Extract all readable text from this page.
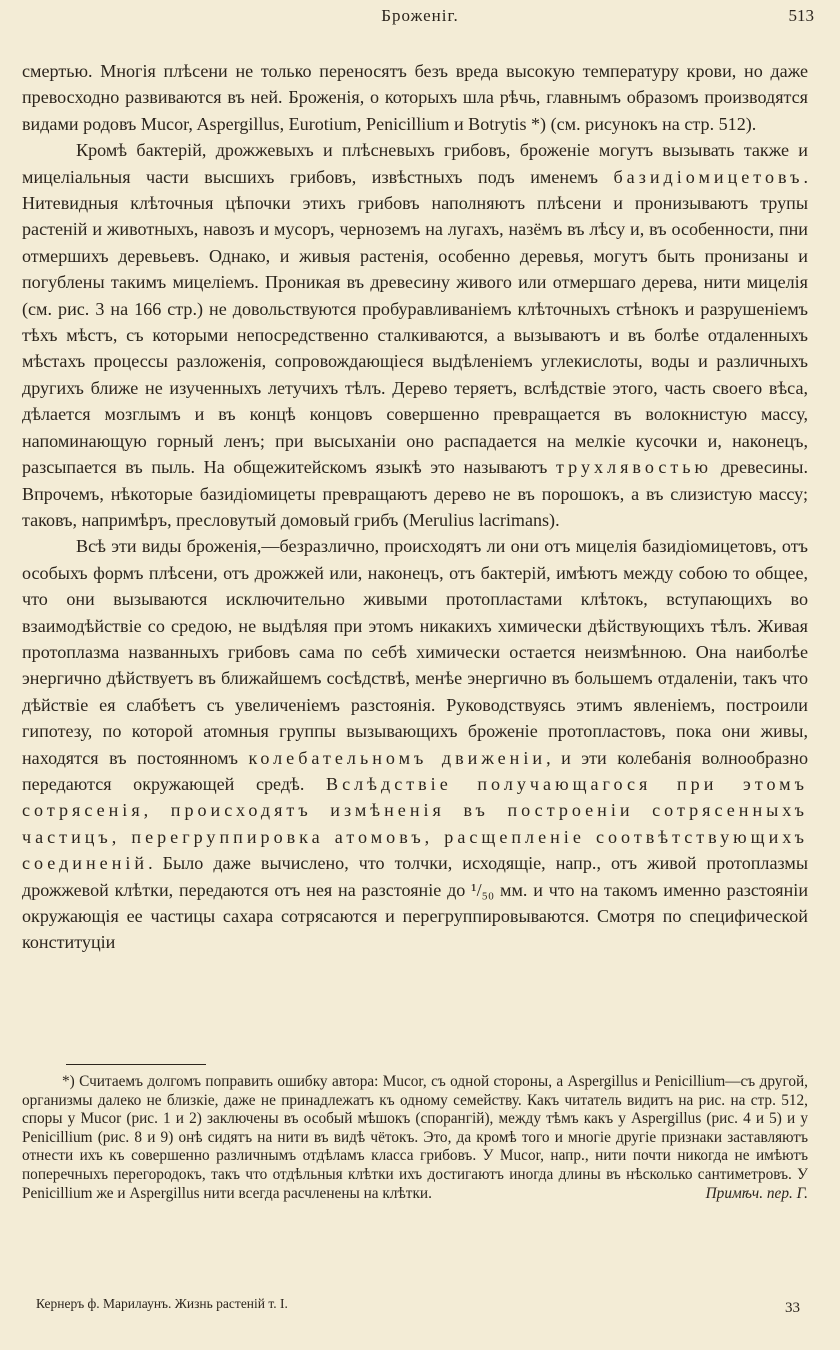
Броженіг.	513

смертью. Многія плѣсени не только переносятъ безъ вреда высокую температуру крови, но даже превосходно развиваются въ ней. Броженія, о которыхъ шла рѣчь, главнымъ образомъ производятся видами родовъ Mucor, Aspergillus, Eurotium, Penicillium и Botrytis *) (см. рисунокъ на стр. 512).

Кромѣ бактерій, дрожжевыхъ и плѣсневыхъ грибовъ, броженіе могутъ вызывать также и мицеліальныя части высшихъ грибовъ, извѣстныхъ подъ именемъ базидіомицетовъ. Нитевидныя клѣточныя цѣпочки этихъ грибовъ наполняютъ плѣсени и пронизываютъ трупы растеній и животныхъ, навозъ и мусоръ, черноземъ на лугахъ, назёмъ въ лѣсу и, въ особенности, пни отмершихъ деревьевъ. Однако, и живыя растенія, особенно деревья, могутъ быть пронизаны и погублены такимъ мицеліемъ. Проникая въ древесину живого или отмершаго дерева, нити мицелія (см. рис. 3 на 166 стр.) не довольствуются пробуравливаніемъ клѣточныхъ стѣнокъ и разрушеніемъ тѣхъ мѣстъ, съ которыми непосредственно сталкиваются, а вызываютъ и въ болѣе отдаленныхъ мѣстахъ процессы разложенія, сопровождающіеся выдѣленіемъ углекислоты, воды и различныхъ другихъ ближе не изученныхъ летучихъ тѣлъ. Дерево теряетъ, вслѣдствіе этого, часть своего вѣса, дѣлается мозглымъ и въ концѣ концовъ совершенно превращается въ волокнистую массу, напоминающую горный ленъ; при высыханіи оно распадается на мелкіе кусочки и, наконецъ, разсыпается въ пыль. На общежитейскомъ языкѣ это называютъ трухлявостью древесины. Впрочемъ, нѣкоторые базидіомицеты превращаютъ дерево не въ порошокъ, а въ слизистую массу; таковъ, напримѣръ, пресловутый домовый грибъ (Merulius lacrimans).

Всѣ эти виды броженія,—безразлично, происходятъ ли они отъ мицелія базидіомицетовъ, отъ особыхъ формъ плѣсени, отъ дрожжей или, наконецъ, отъ бактерій, имѣютъ между собою то общее, что они вызываются исключительно живыми протопластами клѣтокъ, вступающихъ во взаимодѣйствіе со средою, не выдѣляя при этомъ никакихъ химически дѣйствующихъ тѣлъ. Живая протоплазма названныхъ грибовъ сама по себѣ химически остается неизмѣнною. Она наиболѣе энергично дѣйствуетъ въ ближайшемъ сосѣдствѣ, менѣе энергично въ большемъ отдаленіи, такъ что дѣйствіе ея слабѣетъ съ увеличеніемъ разстоянія. Руководствуясь этимъ явленіемъ, построили гипотезу, по которой атомныя группы вызывающихъ броженіе протопластовъ, пока они живы, находятся въ постоянномъ колебательномъ движеніи, и эти колебанія волнообразно передаются окружающей средѣ. Вслѣдствіе получающагося при этомъ сотрясенія, происходятъ измѣненія въ построеніи сотрясенныхъ частицъ, перегруппировка атомовъ, расщепленіе соотвѣтствующихъ соединеній. Было даже вычислено, что толчки, исходящіе, напр., отъ живой протоплазмы дрожжевой клѣтки, передаются отъ нея на разстояніе до ¹/₅₀ мм. и что на такомъ именно разстояніи окружающія ее частицы сахара сотрясаются и перегруппировываются. Смотря по специфической конституціи

*) Считаемъ долгомъ поправить ошибку автора: Mucor, съ одной стороны, а Aspergillus и Penicillium—съ другой, организмы далеко не близкіе, даже не принадлежатъ къ одному семейству. Какъ читатель видитъ на рис. на стр. 512, споры у Mucor (рис. 1 и 2) заключены въ особый мѣшокъ (спорангій), между тѣмъ какъ у Aspergillus (рис. 4 и 5) и у Penicillium (рис. 8 и 9) онѣ сидятъ на нити въ видѣ чётокъ. Это, да кромѣ того и многіе другіе признаки заставляютъ отнести ихъ къ совершенно различнымъ отдѣламъ класса грибовъ. У Mucor, напр., нити почти никогда не имѣютъ поперечныхъ перегородокъ, такъ что отдѣльныя клѣтки ихъ достигаютъ иногда длины въ нѣсколько сантиметровъ. У Penicillium же и Aspergillus нити всегда расчленены на клѣтки.	Примѣч. пер. Г.

Кернеръ ф. Марилаунъ. Жизнь растеній т. I.	33
